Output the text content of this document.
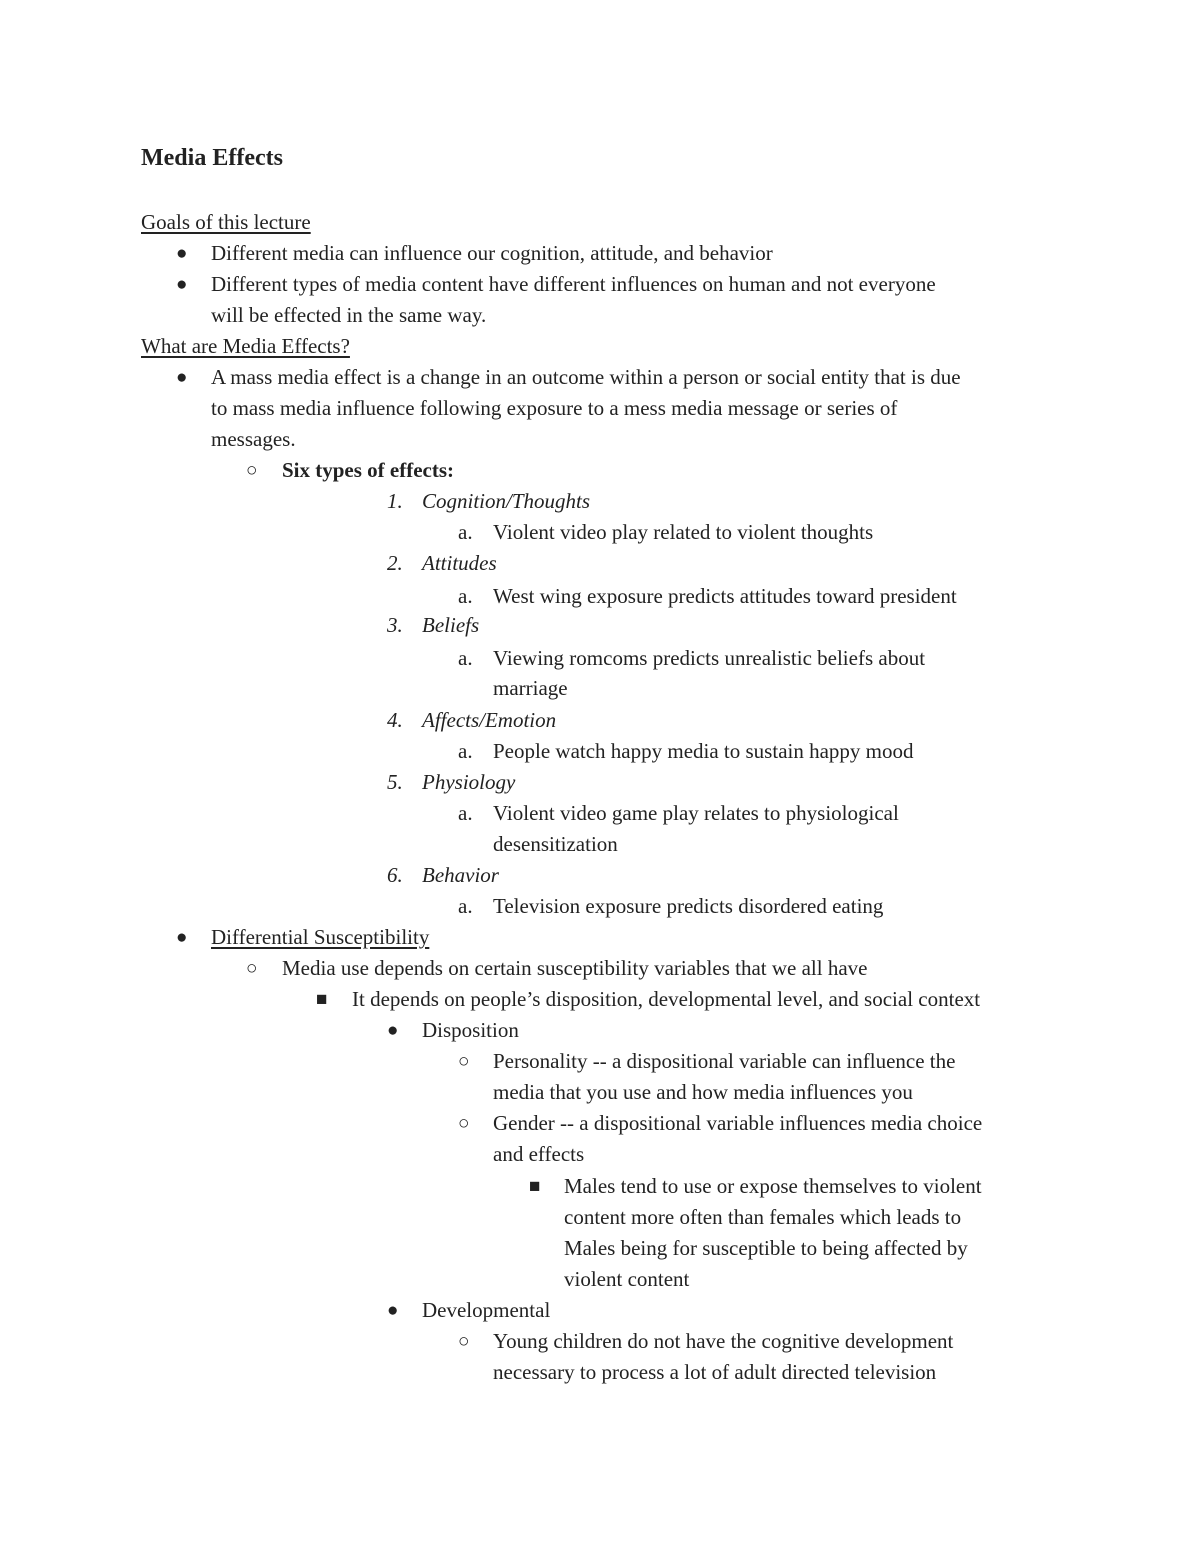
Media Effects
Goals of this lecture
● Different media can influence our cognition, attitude, and behavior
● Different types of media content have different influences on human and not everyone
will be effected in the same way.
What are Media Effects?
● A mass media effect is a change in an outcome within a person or social entity that is due
to mass media influence following exposure to a mess media message or series of
messages.
○ Six types of effects:
1. Cognition/Thoughts
a. Violent video play related to violent thoughts
2. Attitudes
a. West wing exposure predicts attitudes toward president
3. Beliefs
a. Viewing romcoms predicts unrealistic beliefs about
marriage
4. Affects/Emotion
a. People watch happy media to sustain happy mood
5. Physiology
a. Violent video game play relates to physiological
desensitization
6. Behavior
a. Television exposure predicts disordered eating
● Differential Susceptibility
○ Media use depends on certain susceptibility variables that we all have
■ It depends on people’s disposition, developmental level, and social context
● Disposition
○ Personality -- a dispositional variable can influence the
media that you use and how media influences you
○ Gender -- a dispositional variable influences media choice
and effects
■ Males tend to use or expose themselves to violent
content more often than females which leads to
Males being for susceptible to being affected by
violent content
● Developmental
○ Young children do not have the cognitive development
necessary to process a lot of adult directed television
